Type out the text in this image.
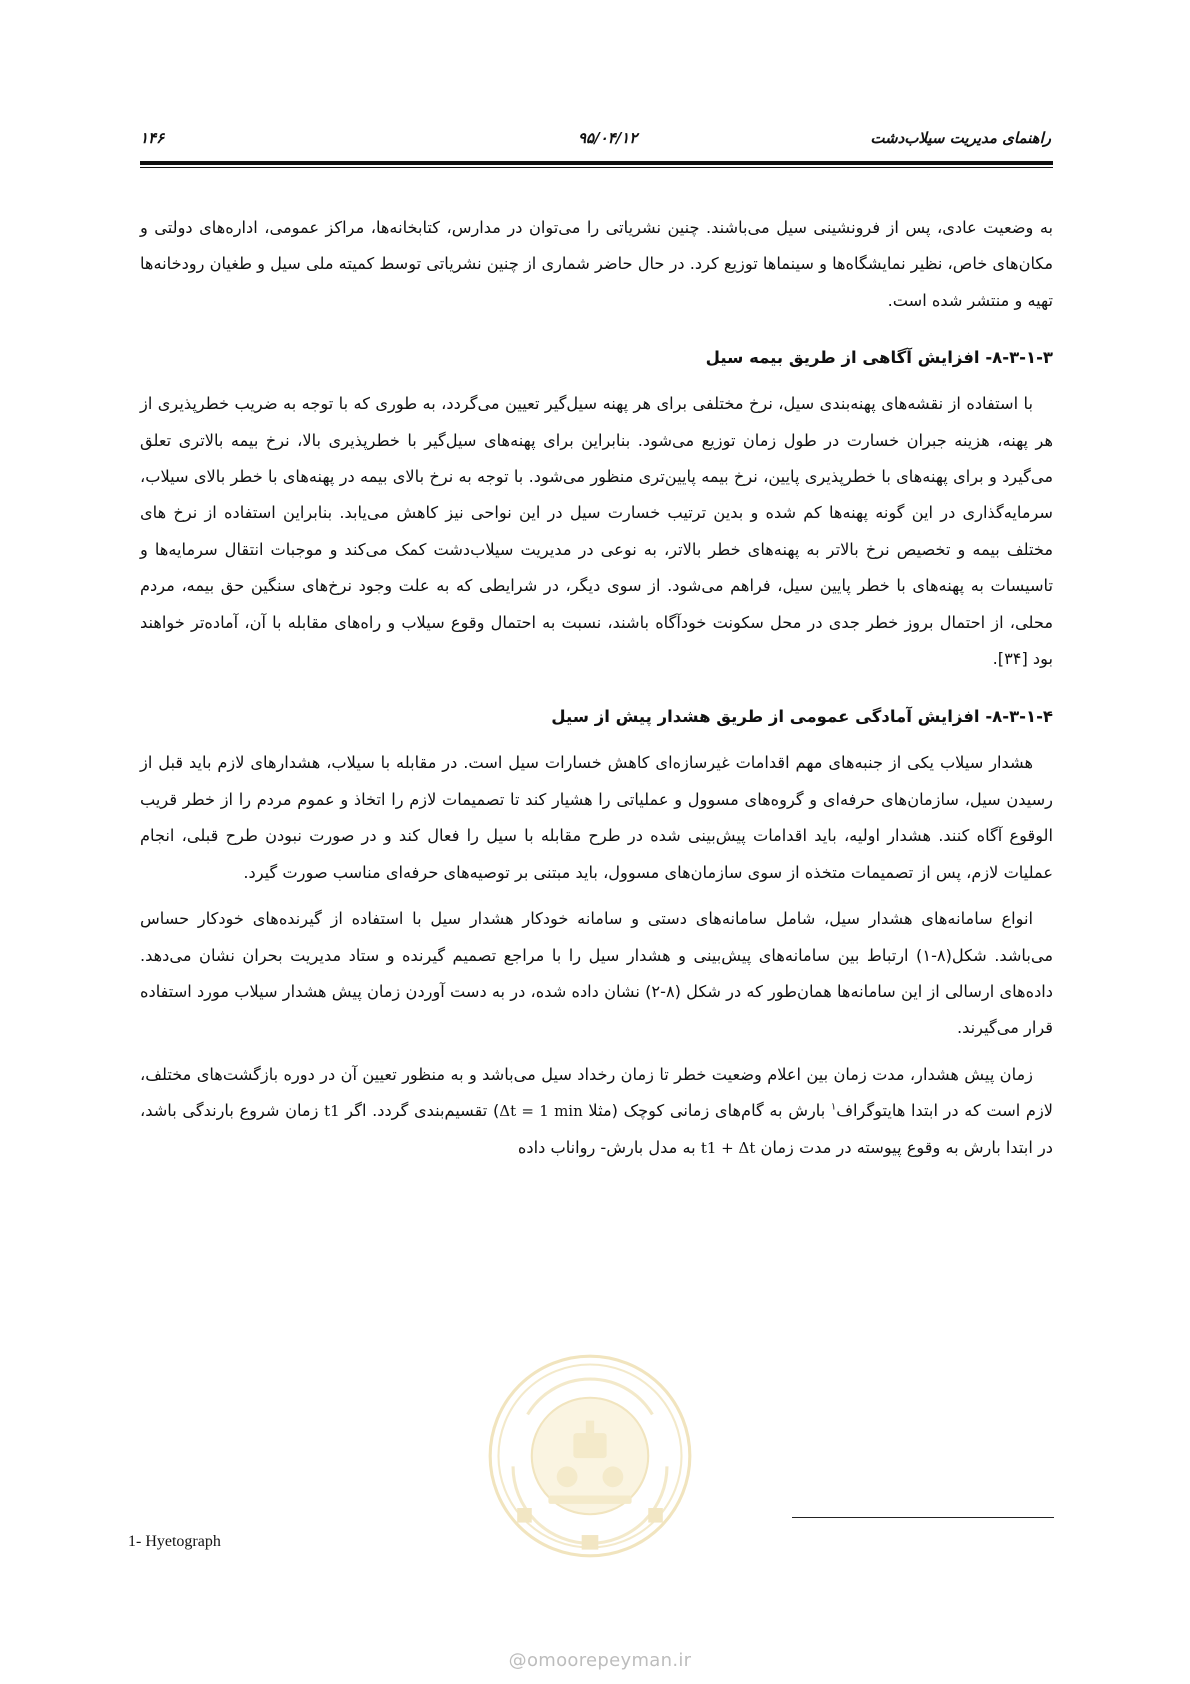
۱۴۶	۹۵/۰۴/۱۲	راهنمای مدیریت سیلاب‌دشت

به وضعیت عادی، پس از فرونشینی سیل می‌باشند. چنین نشریاتی را می‌توان در مدارس، کتابخانه‌ها، مراکز عمومی، اداره‌های دولتی و مکان‌های خاص، نظیر نمایشگاه‌ها و سینماها توزیع کرد. در حال حاضر شماری از چنین نشریاتی توسط کمیته ملی سیل و طغیان رودخانه‌ها تهیه و منتشر شده است.

۸-۳-۱-۳- افزایش آگاهی از طریق بیمه سیل

با استفاده از نقشه‌های پهنه‌بندی سیل، نرخ مختلفی برای هر پهنه سیل‌گیر تعیین می‌گردد، به طوری که با توجه به ضریب خطرپذیری از هر پهنه، هزینه جبران خسارت در طول زمان توزیع می‌شود. بنابراین برای پهنه‌های سیل‌گیر با خطرپذیری بالا، نرخ بیمه بالاتری تعلق می‌گیرد و برای پهنه‌های با خطرپذیری پایین، نرخ بیمه پایین‌تری منظور می‌شود. با توجه به نرخ بالای بیمه در پهنه‌های با خطر بالای سیلاب، سرمایه‌گذاری در این گونه پهنه‌ها کم شده و بدین ترتیب خسارت سیل در این نواحی نیز کاهش می‌یابد. بنابراین استفاده از نرخ های مختلف بیمه و تخصیص نرخ بالاتر به پهنه‌های خطر بالاتر، به نوعی در مدیریت سیلاب‌دشت کمک می‌کند و موجبات انتقال سرمایه‌ها و تاسیسات به پهنه‌های با خطر پایین سیل، فراهم می‌شود. از سوی دیگر، در شرایطی که به علت وجود نرخ‌های سنگین حق بیمه، مردم محلی، از احتمال بروز خطر جدی در محل سکونت خودآگاه باشند، نسبت به احتمال وقوع سیلاب و راه‌های مقابله با آن، آماده‌تر خواهند بود [۳۴].

۸-۳-۱-۴- افزایش آمادگی عمومی از طریق هشدار پیش از سیل

هشدار سیلاب یکی از جنبه‌های مهم اقدامات غیرسازه‌ای کاهش خسارات سیل است. در مقابله با سیلاب، هشدارهای لازم باید قبل از رسیدن سیل، سازمان‌های حرفه‌ای و گروه‌های مسوول و عملیاتی را هشیار کند تا تصمیمات لازم را اتخاذ و عموم مردم را از خطر قریب الوقوع آگاه کنند. هشدار اولیه، باید اقدامات پیش‌بینی شده در طرح مقابله با سیل را فعال کند و در صورت نبودن طرح قبلی، انجام عملیات لازم، پس از تصمیمات متخذه از سوی سازمان‌های مسوول، باید مبتنی بر توصیه‌های حرفه‌ای مناسب صورت گیرد.

انواع سامانه‌های هشدار سیل، شامل سامانه‌های دستی و سامانه خودکار هشدار سیل با استفاده از گیرنده‌های خودکار حساس می‌باشد. شکل(۸-۱) ارتباط بین سامانه‌های پیش‌بینی و هشدار سیل را با مراجع تصمیم گیرنده و ستاد مدیریت بحران نشان می‌دهد. داده‌های ارسالی از این سامانه‌ها همان‌طور که در شکل (۸-۲) نشان داده شده، در به دست آوردن زمان پیش هشدار سیلاب مورد استفاده قرار می‌گیرند.

زمان پیش هشدار، مدت زمان بین اعلام وضعیت خطر تا زمان رخداد سیل می‌باشد و به منظور تعیین آن در دوره بازگشت‌های مختلف، لازم است که در ابتدا هایتوگراف$^۱$ بارش به گام‌های زمانی کوچک (مثلا Δt = 1 min) تقسیم‌بندی گردد. اگر t1 زمان شروع بارندگی باشد، در ابتدا بارش به وقوع پیوسته در مدت زمان t1 + Δt به مدل بارش- رواناب داده

1- Hyetograph
@omoorepeyman.ir
